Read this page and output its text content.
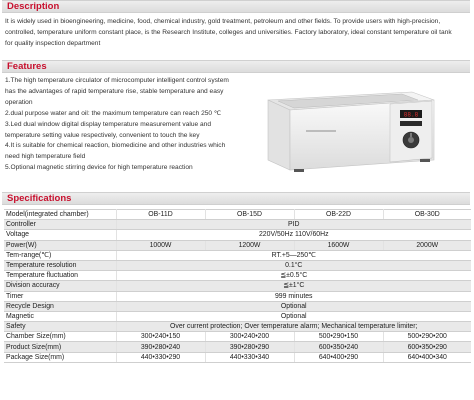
Description
It is widely used in bioengineering, medicine, food, chemical industry, gold treatment, petroleum and other fields. To provide users with high-precision,
controlled, temperature uniform constant place, is the Research Institute, colleges and universities. Factory laboratory, ideal constant temperature oil tank
for quality inspection department
Features
1.The high temperature circulator of microcomputer intelligent control system
has the advantages of rapid temperature rise, stable temperature and easy
operation
2.dual purpose water and oil: the maximum temperature can reach 250 ℃
3.Led dual window digital display temperature measurement value and
temperature setting value respectively, convenient to touch the key
4.It is suitable for chemical reaction, biomedicine and other industries which
need high temperature field
5.Optional magnetic stirring device for high temperature reaction
88.8
Specifications
Model(integrated chamber)	OB-11D	OB-15D	OB-22D	OB-30D
Controller	PID			
Voltage	220V/50Hz 110V/60Hz			
Power(W)	1000W	1200W	1600W	2000W
Tem-range(℃)	RT.+5—250℃			
Temperature resolution	0.1°C			
Temperature fluctuation	≦±0.5°C			
Division accuracy	≦±1°C			
Timer	999 minutes			
Recycle Design	Optional			
Magnetic	Optional			
Safety	Over current protection; Over temperature alarm; Mechanical temperature limiter;			
Chamber Size(mm)	300•240•150	300•240•200	500•290•150	500•290•200
Product Size(mm)	390•280•240	390•280•290	600•350•240	600•350•290
Package Size(mm)	440•330•290	440•330•340	640•400•290	640•400•340
